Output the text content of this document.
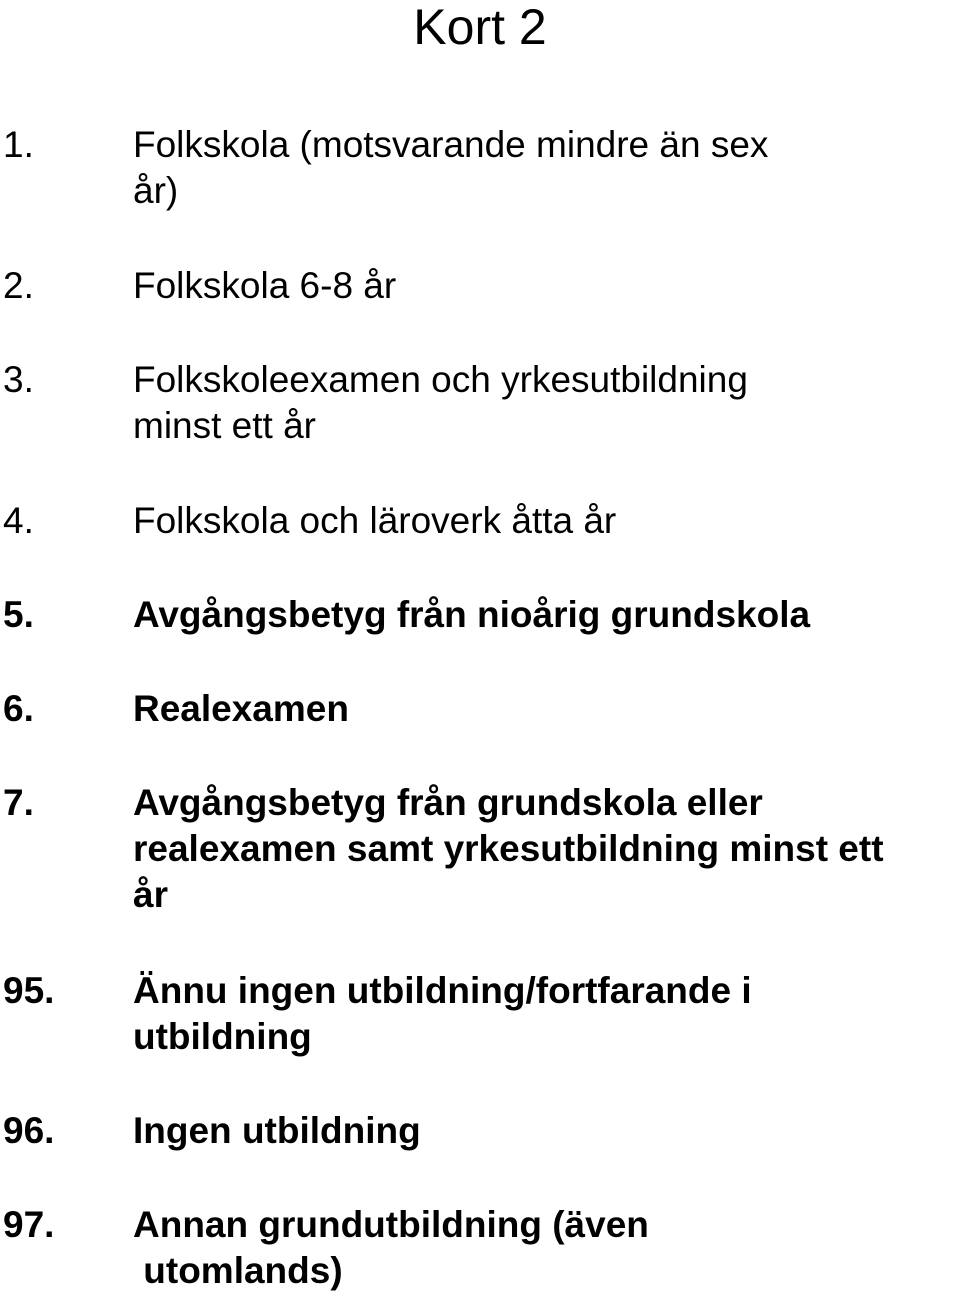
Kort 2
1.	Folkskola (motsvarande mindre än sex
år)
2.	Folkskola 6-8 år
3.	Folkskoleexamen och yrkesutbildning
minst ett år
4.	Folkskola och läroverk åtta år
5.	Avgångsbetyg från nioårig grundskola
6.	Realexamen
7.	Avgångsbetyg från grundskola eller
realexamen samt yrkesutbildning minst ett
år
95. Ännu ingen utbildning/fortfarande i
utbildning
96. Ingen utbildning
97. Annan grundutbildning (även
utomlands)
